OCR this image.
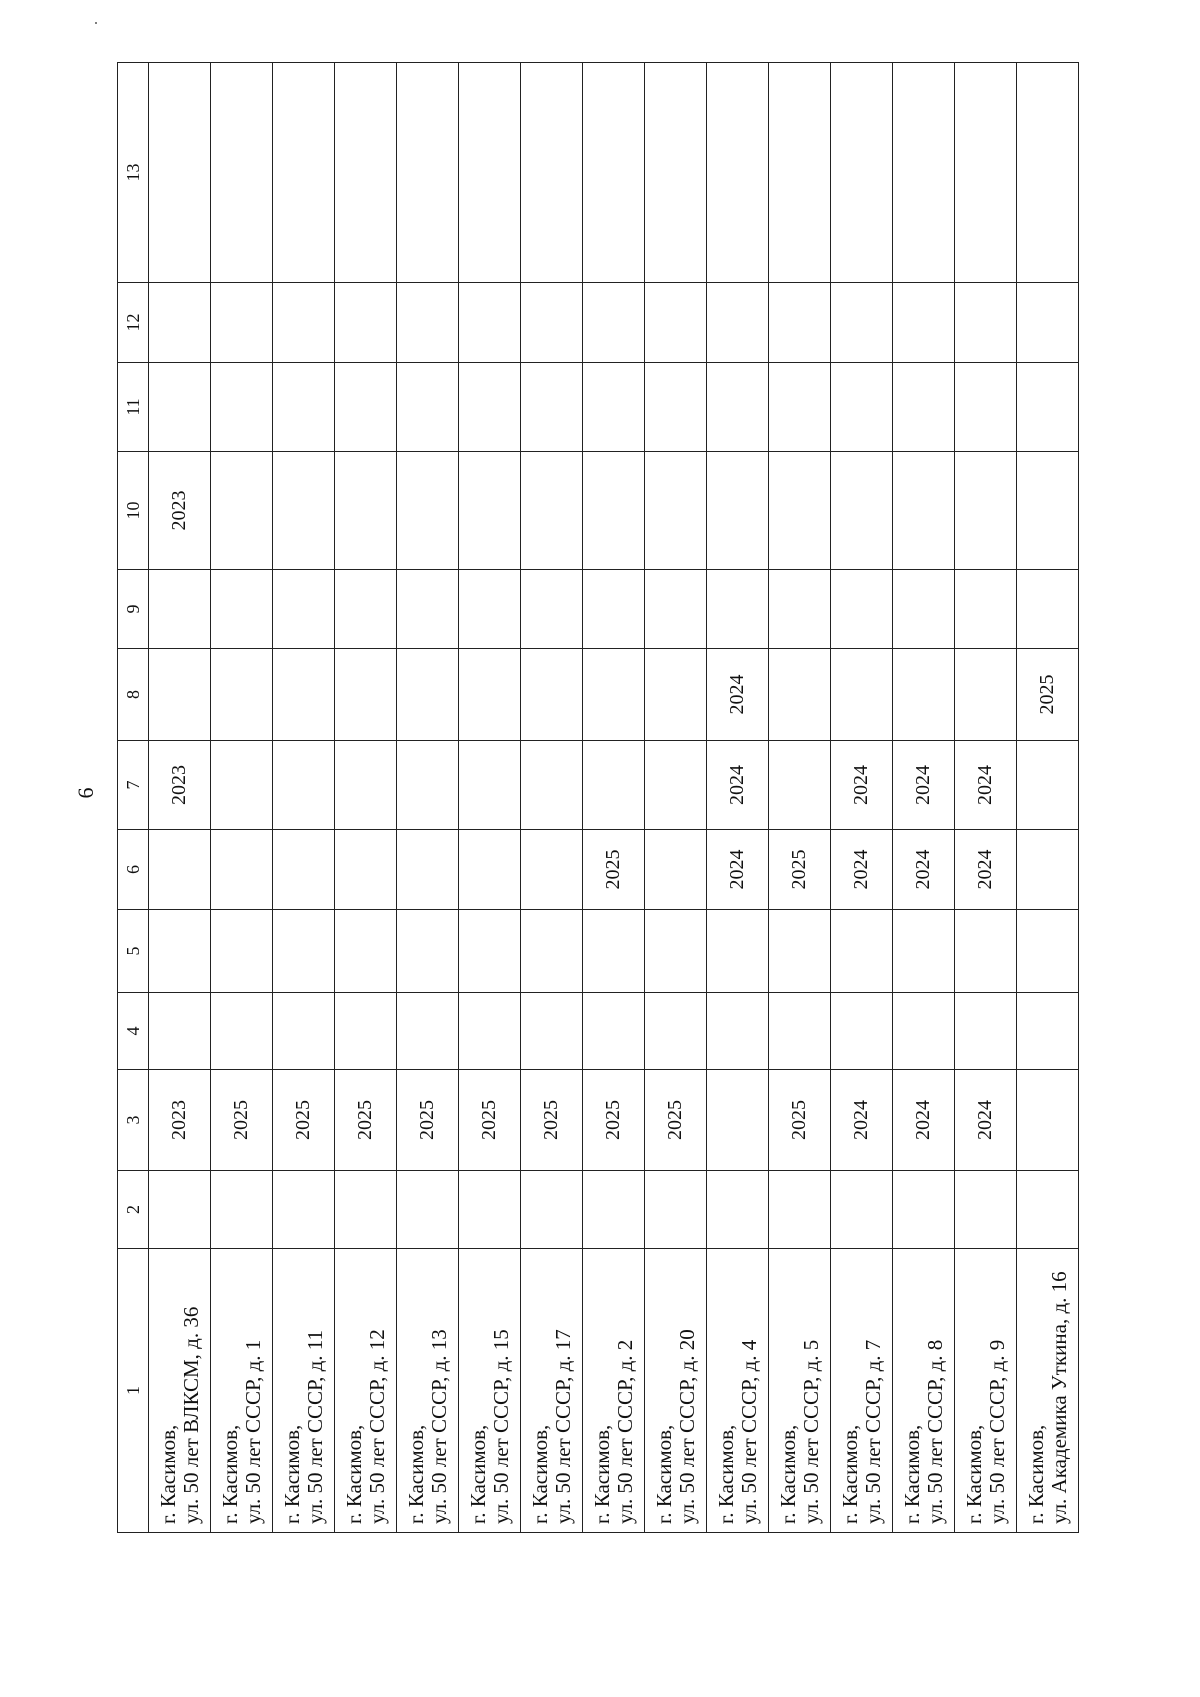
6
1	2	3	4	5	6	7	8	9	10	11	12	13

г. Касимов, ул. 50 лет ВЛКСМ, д. 36		2023				2023			2023			

г. Касимов, ул. 50 лет СССР, д. 1		2025										

г. Касимов, ул. 50 лет СССР, д. 11		2025										

г. Касимов, ул. 50 лет СССР, д. 12		2025										

г. Касимов, ул. 50 лет СССР, д. 13		2025										

г. Касимов, ул. 50 лет СССР, д. 15		2025										

г. Касимов, ул. 50 лет СССР, д. 17		2025										

г. Касимов, ул. 50 лет СССР, д. 2		2025			2025							

г. Касимов, ул. 50 лет СССР, д. 20		2025										

г. Касимов, ул. 50 лет СССР, д. 4					2024	2024	2024					

г. Касимов, ул. 50 лет СССР, д. 5		2025			2025							

г. Касимов, ул. 50 лет СССР, д. 7		2024			2024	2024						

г. Касимов, ул. 50 лет СССР, д. 8		2024			2024	2024						

г. Касимов, ул. 50 лет СССР, д. 9		2024			2024	2024						

г. Касимов, ул. Академика Уткина, д. 16							2025					
